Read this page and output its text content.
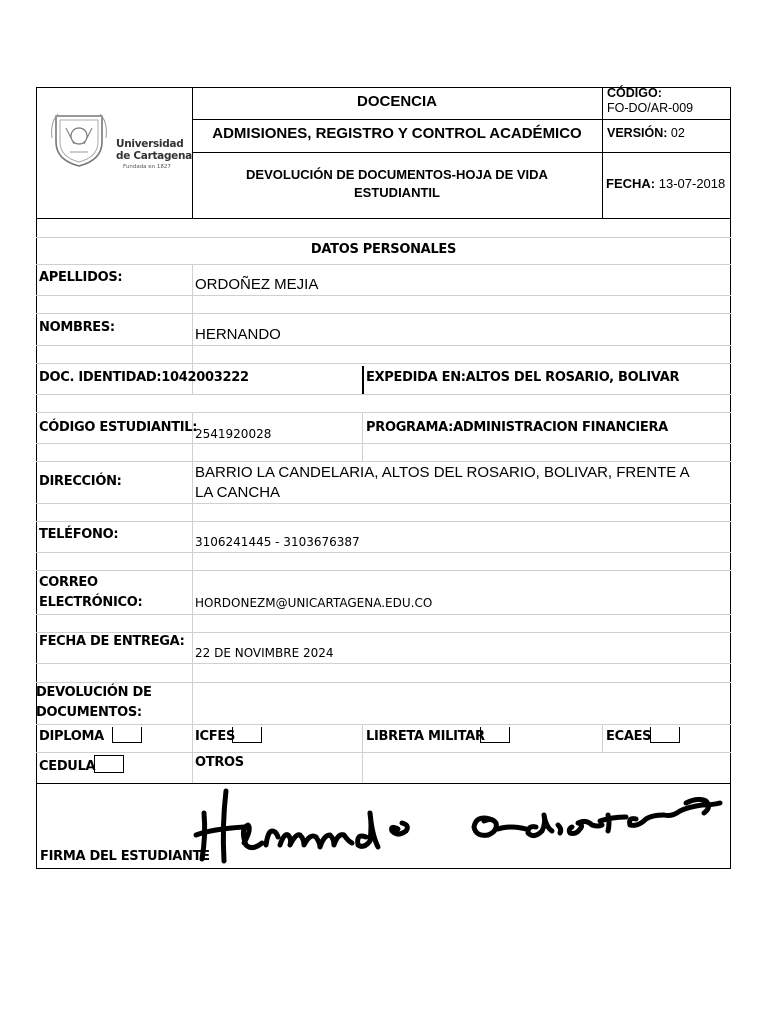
Universidad de Cartagena
Fundada en 1827
DOCENCIA
ADMISIONES, REGISTRO Y CONTROL ACADÉMICO
DEVOLUCIÓN DE DOCUMENTOS-HOJA DE VIDA
ESTUDIANTIL
CÓDIGO:
FO-DO/AR-009
VERSIÓN: 02
FECHA: 13-07-2018
DATOS PERSONALES
APELLIDOS:	ORDOÑEZ MEJIA
NOMBRES:	HERNANDO
DOC. IDENTIDAD:1042003222	EXPEDIDA EN:ALTOS DEL ROSARIO, BOLIVAR
CÓDIGO ESTUDIANTIL:
2541920028	PROGRAMA:ADMINISTRACION FINANCIERA
DIRECCIÓN:
BARRIO LA CANDELARIA, ALTOS DEL ROSARIO, BOLIVAR, FRENTE A
LA CANCHA
TELÉFONO:	3106241445 - 3103676387
CORREO
ELECTRÓNICO:	HORDONEZM@UNICARTAGENA.EDU.CO
FECHA DE ENTREGA:
22 DE NOVIMBRE 2024
DEVOLUCIÓN DE
DOCUMENTOS:
DIPLOMA	ICFES	LIBRETA MILITAR	ECAES
CEDULA	OTROS
FIRMA DEL ESTUDIANTE
